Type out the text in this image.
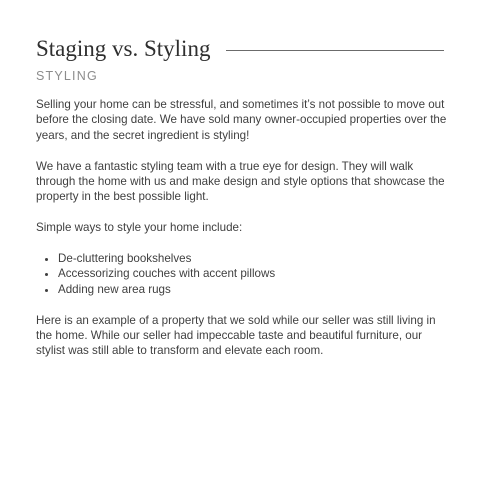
Staging vs. Styling
STYLING

Selling your home can be stressful, and sometimes it’s not possible to move out before the closing date. We have sold many owner-occupied properties over the years, and the secret ingredient is styling!

We have a fantastic styling team with a true eye for design. They will walk through the home with us and make design and style options that showcase the property in the best possible light.

Simple ways to style your home include:

• De-cluttering bookshelves
• Accessorizing couches with accent pillows
• Adding new area rugs

Here is an example of a property that we sold while our seller was still living in the home. While our seller had impeccable taste and beautiful furniture, our stylist was still able to transform and elevate each room.
